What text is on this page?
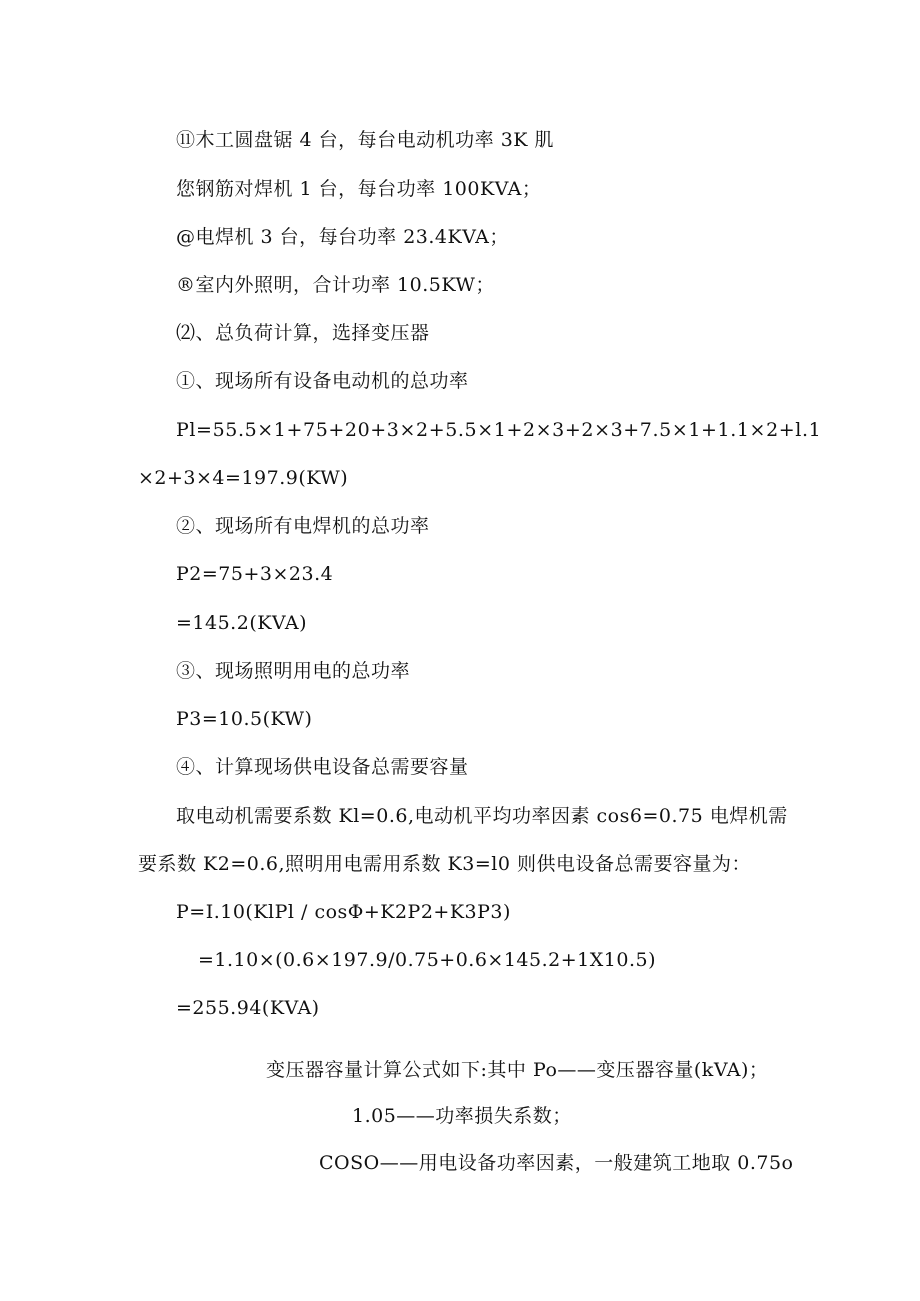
⑪木工圆盘锯 4 台，每台电动机功率 3K 肌
您钢筋对焊机 1 台，每台功率 100KVA；
@电焊机 3 台，每台功率 23.4KVA；
®室内外照明，合计功率 10.5KW；
⑵、总负荷计算，选择变压器
①、现场所有设备电动机的总功率
Pl=55.5×1+75+20+3×2+5.5×1+2×3+2×3+7.5×1+1.1×2+l.1
×2+3×4=197.9(KW)
②、现场所有电焊机的总功率
P2=75+3×23.4
=145.2(KVA)
③、现场照明用电的总功率
P3=10.5(KW)
④、计算现场供电设备总需要容量
取电动机需要系数 Kl=0.6,电动机平均功率因素 cos6=0.75 电焊机需
要系数 K2=0.6,照明用电需用系数 K3=l0 则供电设备总需要容量为：
P=I.10(KlPl / cosΦ+K2P2+K3P3)
=1.10×(0.6×197.9/0.75+0.6×145.2+1X10.5)
=255.94(KVA)
变压器容量计算公式如下:其中 Po——变压器容量(kVA)；
1.05——功率损失系数；
COSO——用电设备功率因素，一般建筑工地取 0.75o
